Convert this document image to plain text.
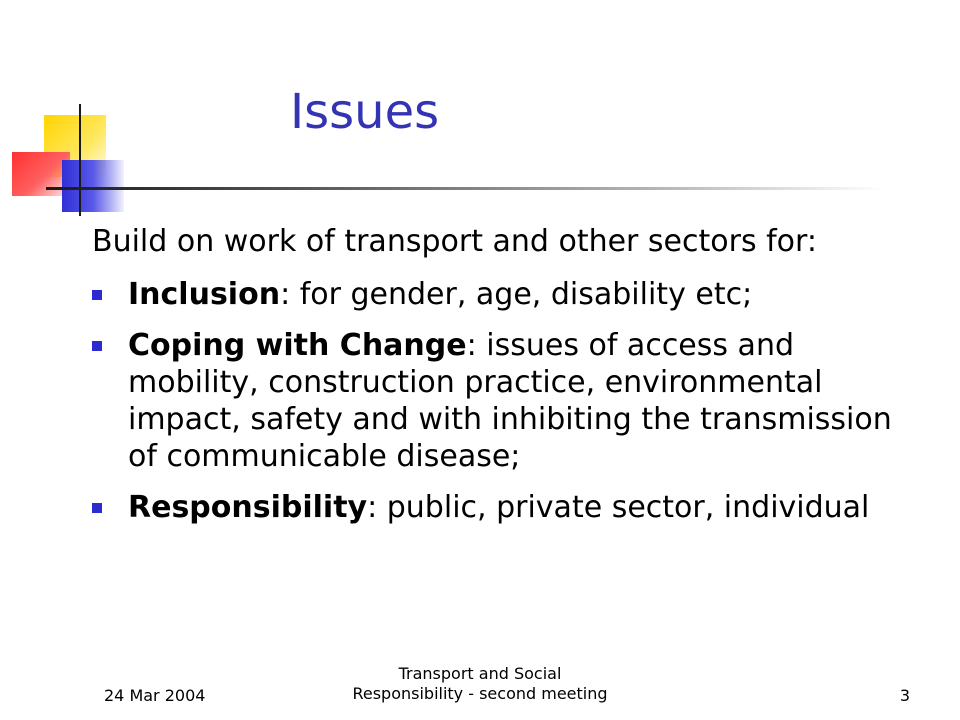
Issues
Build on work of transport and other sectors for:
Inclusion: for gender, age, disability etc;
Coping with Change: issues of access and mobility, construction practice, environmental impact, safety and with inhibiting the transmission of communicable disease;
Responsibility: public, private sector, individual
24 Mar 2004
Transport and Social
Responsibility - second meeting	3
